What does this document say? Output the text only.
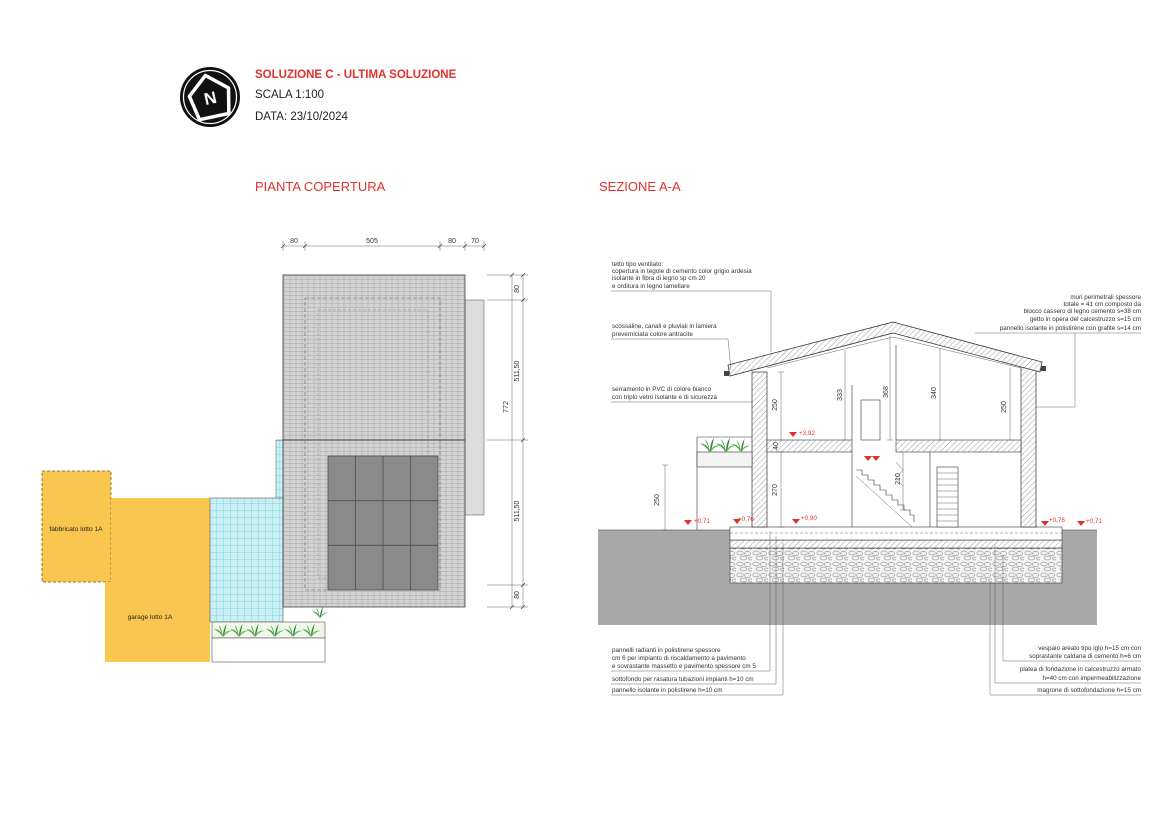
N
SOLUZIONE C - ULTIMA SOLUZIONE
SCALA 1:100
DATA: 23/10/2024
PIANTA COPERTURA	SEZIONE A-A
80	505	80 70
fabbricato lotto 1A
garage lotto 1A
80
511,50
511,50
80
772	250
40
270
333	368	340
250
210
250
+3,92
+0,71	+0,76	+0,90	+0,76	+0,71
tetto tipo ventilato:
copertura in tegole di cemento color grigio ardesia
isolante in fibra di legno sp cm 20
e orditura in legno lamellare
scossaline, canali e pluviali in lamiera
preverniciata colore antracite
serramento in PVC di colore bianco
con triplo vetro isolante e di sicurezza
muri perimetrali spessore
totale = 41 cm composto da
blocco cassero di legno cemento s=38 cm
getto in opera del calcestruzzo s=15 cm
pannello isolante in polistirene con grafite s=14 cm
pannelli radianti in polistirene spessore
cm 6 per impianto di riscaldamento a pavimento
e sovrastante massetto e pavimento spessore cm 5
sottofondo per rasatura tubazioni impianti h=10 cm
pannello isolante in polistirene h=10 cm
vespaio areato tipo iglù h=15 cm con
soprastante caldana di cemento h=6 cm
platea di fondazione in calcestruzzo armato
h=40 cm con impermeabilizzazione
magrone di sottofondazione h=15 cm
